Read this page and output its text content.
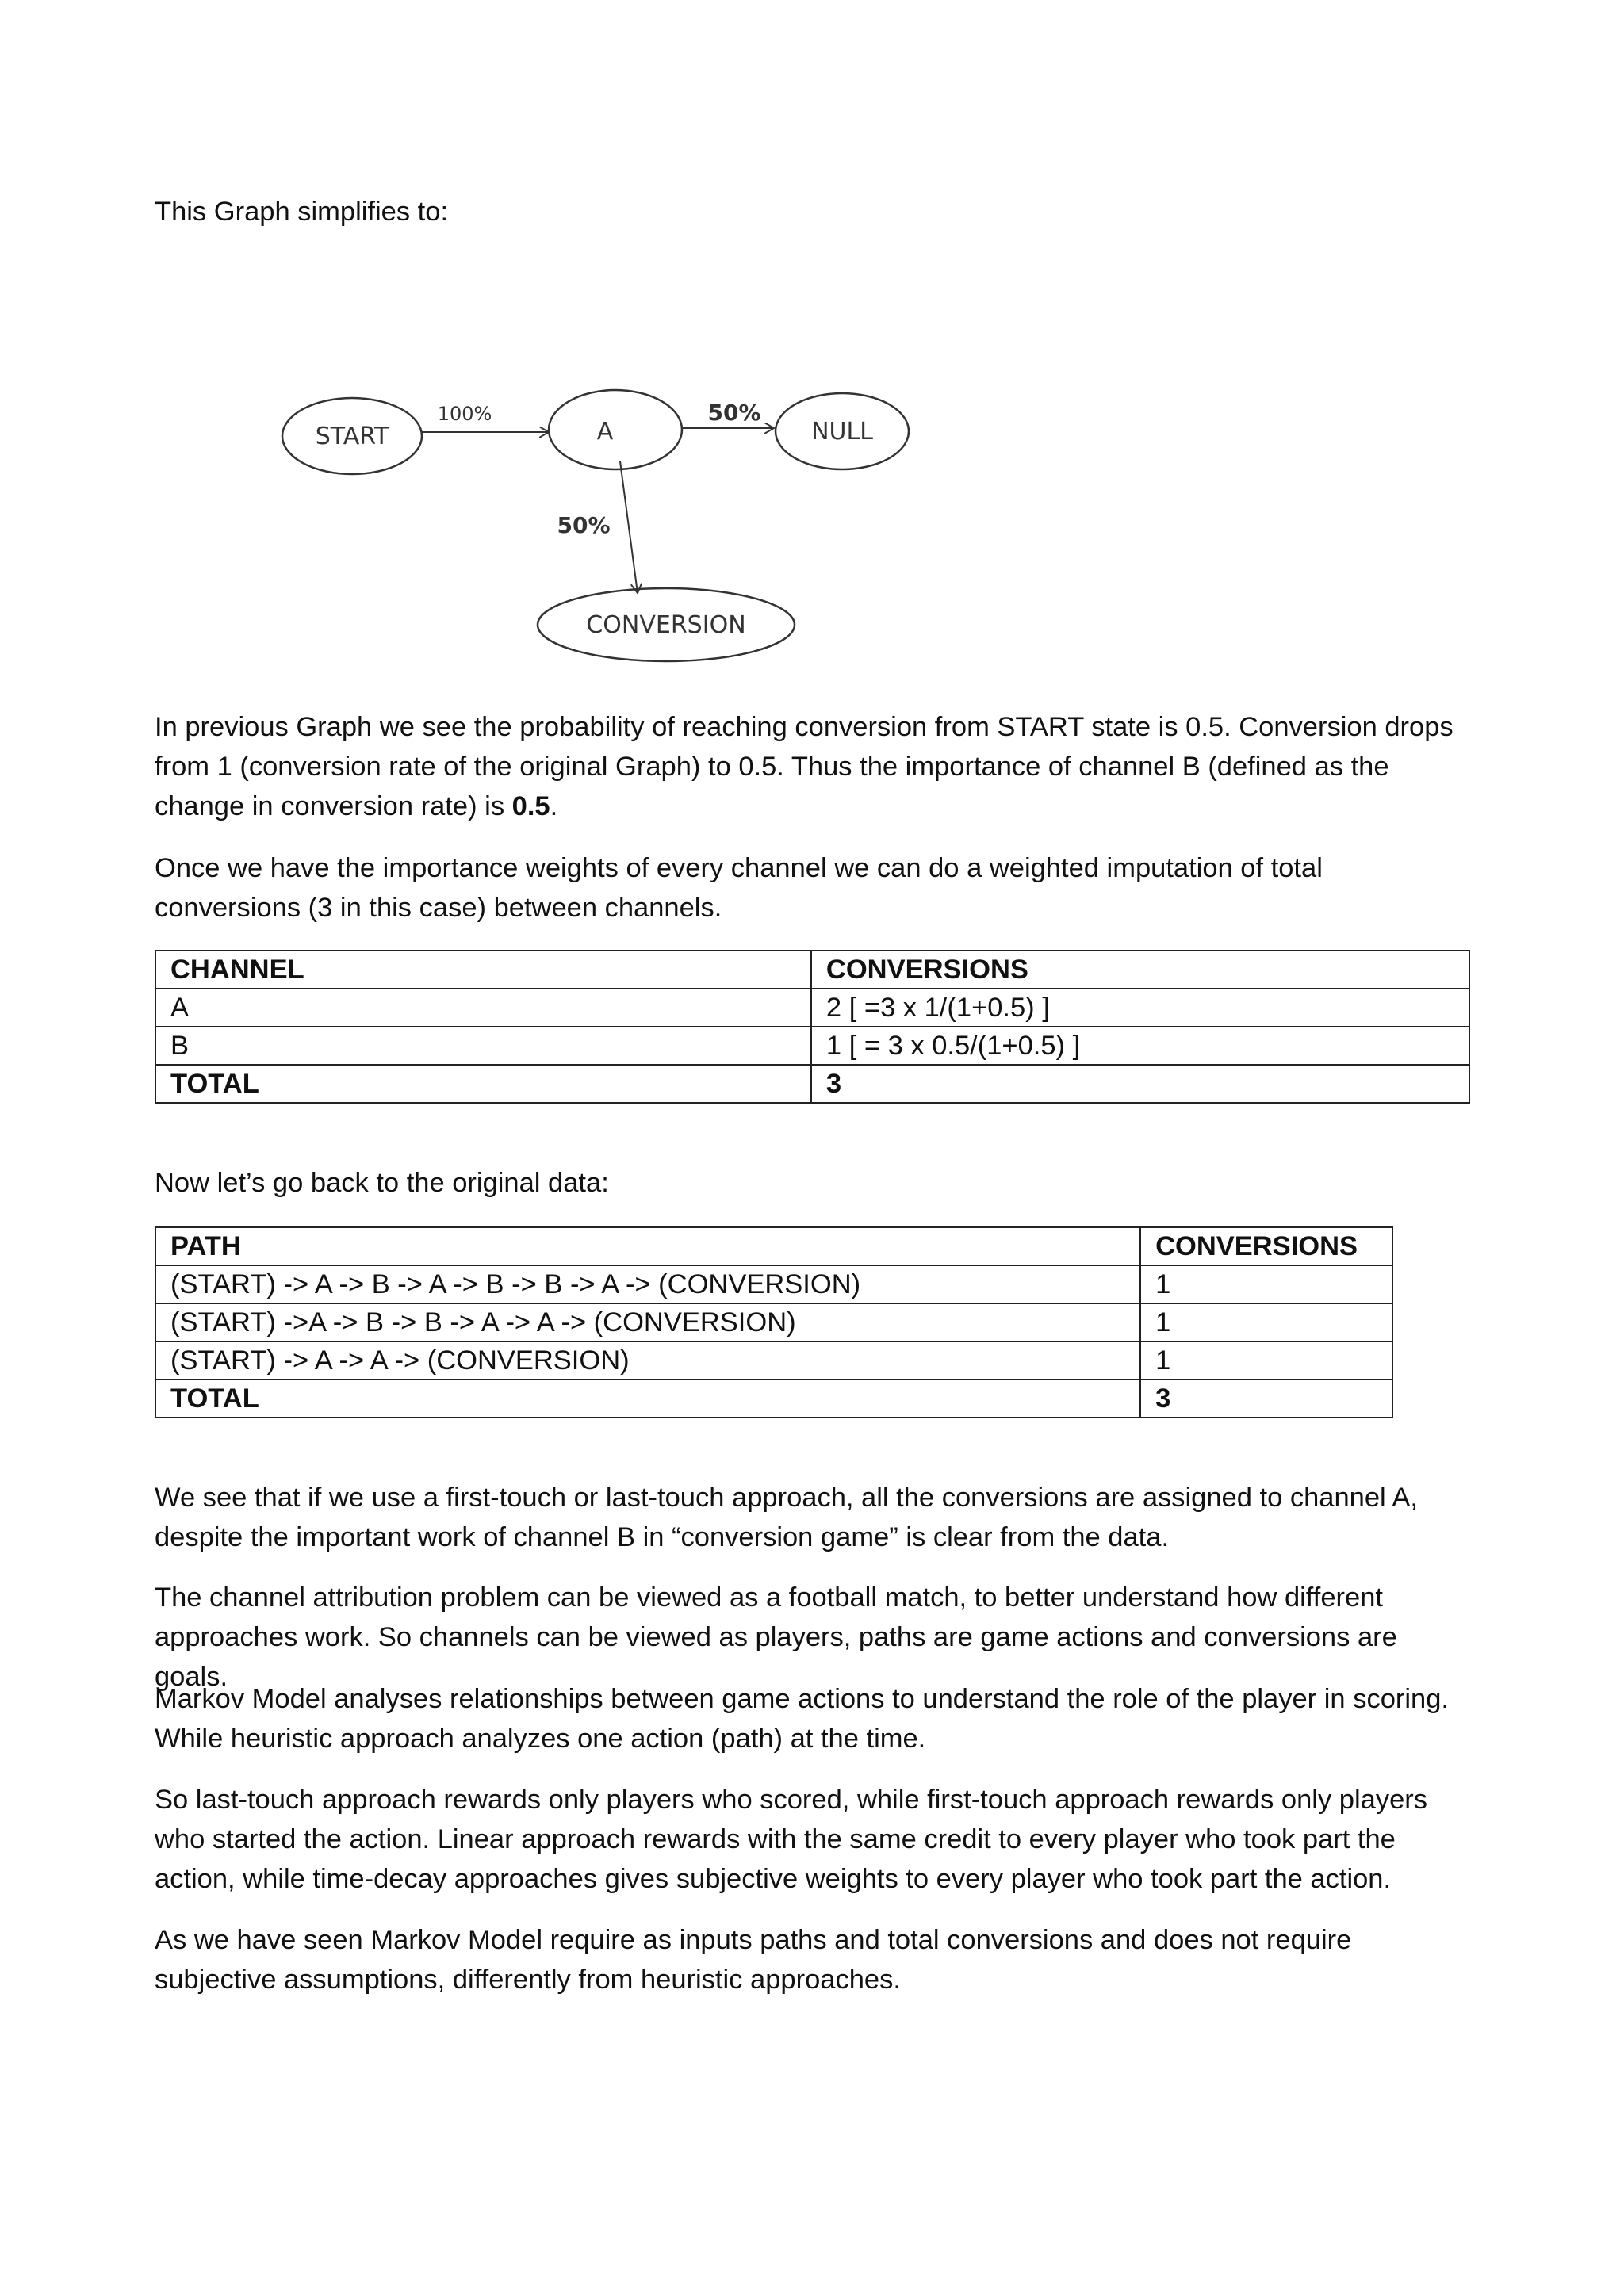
This Graph simplifies to:

START	A	NULL
CONVERSION
100%	50%
50%

In previous Graph we see the probability of reaching conversion from START state is 0.5. Conversion drops from 1 (conversion rate of the original Graph) to 0.5. Thus the importance of channel B (defined as the change in conversion rate) is 0.5.

Once we have the importance weights of every channel we can do a weighted imputation of total conversions (3 in this case) between channels.

CHANNEL	CONVERSIONS
A	2 [ =3 x 1/(1+0.5) ]
B	1 [ = 3 x 0.5/(1+0.5) ]
TOTAL	3

Now let’s go back to the original data:

PATH	CONVERSIONS
(START) -> A -> B -> A -> B -> B -> A -> (CONVERSION)	1
(START) ->A -> B -> B -> A -> A -> (CONVERSION)	1
(START) -> A -> A -> (CONVERSION)	1
TOTAL	3

We see that if we use a first-touch or last-touch approach, all the conversions are assigned to channel A, despite the important work of channel B in “conversion game” is clear from the data.

The channel attribution problem can be viewed as a football match, to better understand how different approaches work. So channels can be viewed as players, paths are game actions and conversions are goals.

Markov Model analyses relationships between game actions to understand the role of the player in scoring. While heuristic approach analyzes one action (path) at the time.

So last-touch approach rewards only players who scored, while first-touch approach rewards only players who started the action. Linear approach rewards with the same credit to every player who took part the action, while time-decay approaches gives subjective weights to every player who took part the action.

As we have seen Markov Model require as inputs paths and total conversions and does not require subjective assumptions, differently from heuristic approaches.
